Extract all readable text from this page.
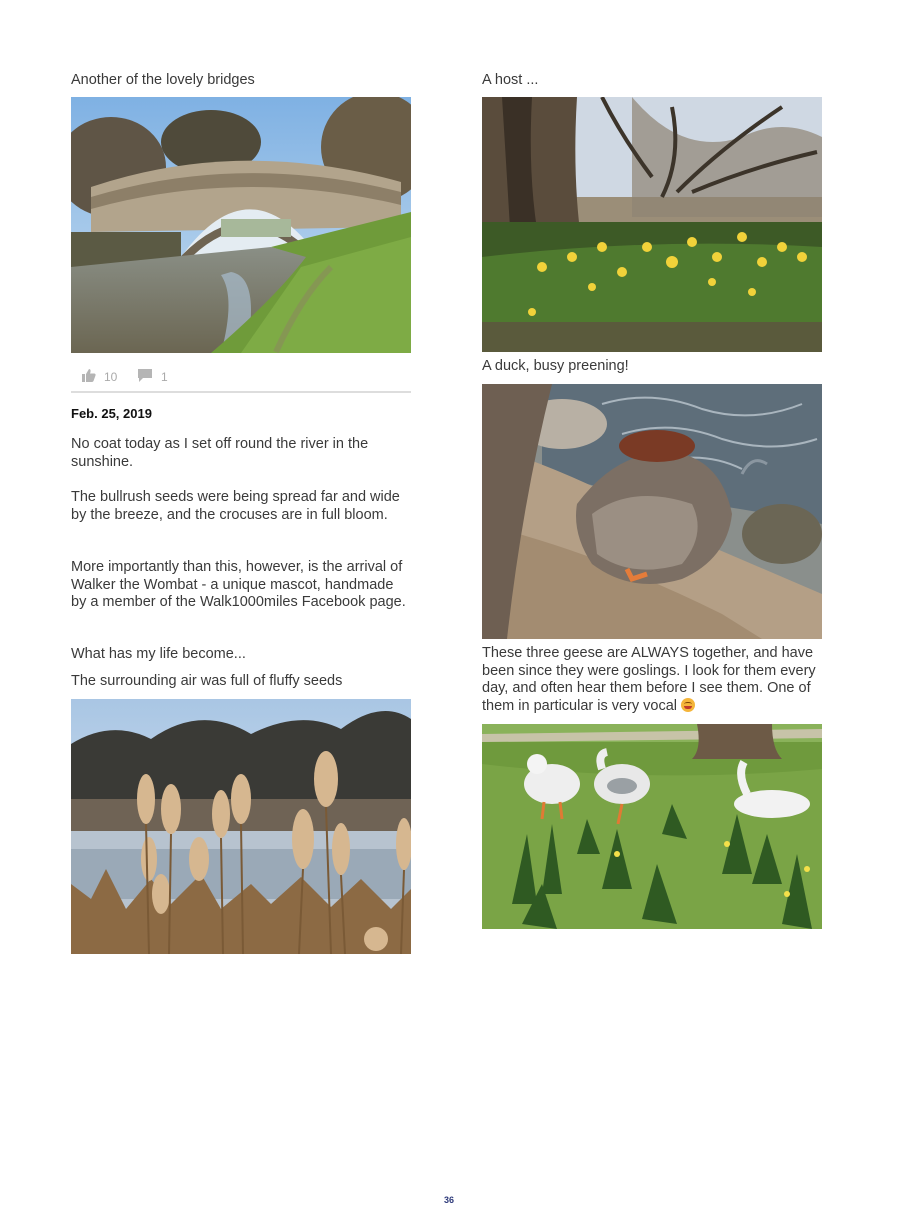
Another of the lovely bridges
10	1
Feb. 25, 2019

No coat today as I set off round the river in the sunshine.

The bullrush seeds were being spread far and wide by the breeze, and the crocuses are in full bloom.

More importantly than this, however, is the arrival of Walker the Wombat - a unique mascot, handmade by a member of the Walk1000miles Facebook page.

What has my life become...

The surrounding air was full of fluffy seeds
A host ...
A duck, busy preening!
These three geese are ALWAYS together, and have been since they were goslings. I look for them every day, and often hear them before I see them. One of them in particular is very vocal
36
